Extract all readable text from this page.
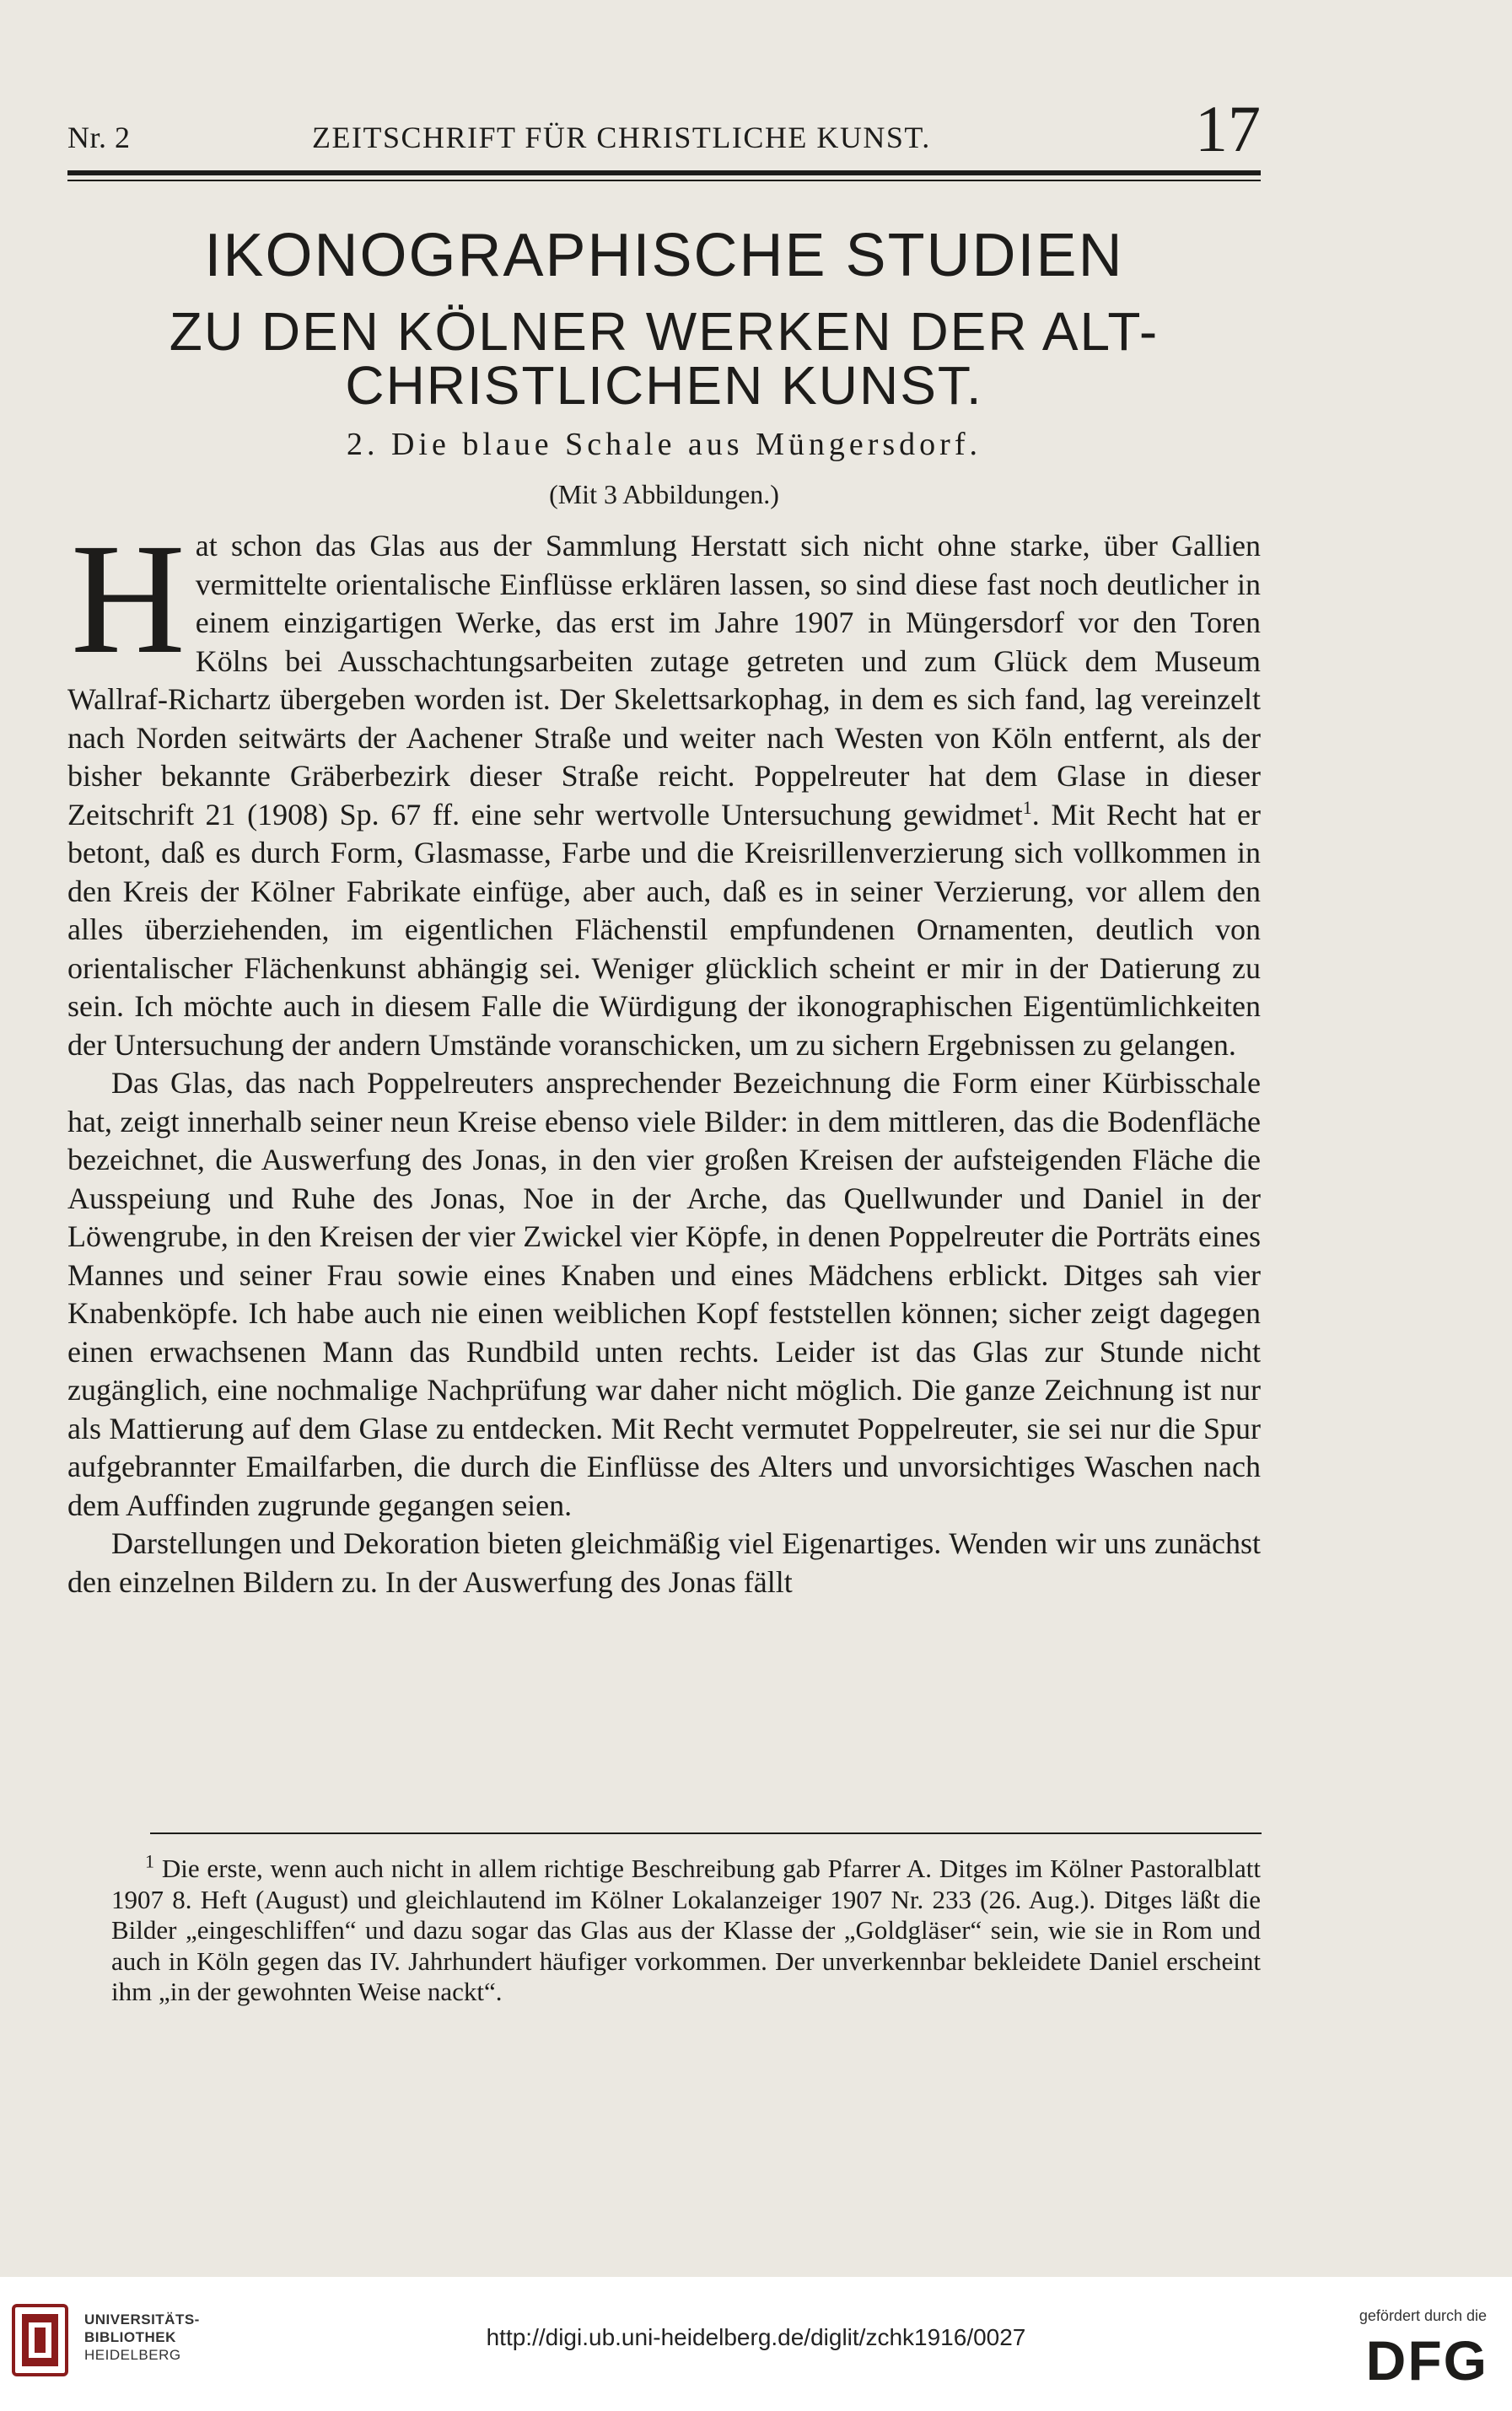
Nr. 2	ZEITSCHRIFT FÜR CHRISTLICHE KUNST.	17
IKONOGRAPHISCHE STUDIEN
ZU DEN KÖLNER WERKEN DER ALT-
CHRISTLICHEN KUNST.
2. Die blaue Schale aus Müngersdorf.
(Mit 3 Abbildungen.)

Hat schon das Glas aus der Sammlung Herstatt sich nicht ohne starke, über Gallien vermittelte orientalische Einflüsse erklären lassen, so sind diese fast noch deutlicher in einem einzigartigen Werke, das erst im Jahre 1907 in Müngersdorf vor den Toren Kölns bei Ausschachtungsarbeiten zutage getreten und zum Glück dem Museum Wallraf-Richartz übergeben worden ist. Der Skelettsarkophag, in dem es sich fand, lag vereinzelt nach Norden seitwärts der Aachener Straße und weiter nach Westen von Köln entfernt, als der bisher bekannte Gräberbezirk dieser Straße reicht. Poppelreuter hat dem Glase in dieser Zeitschrift 21 (1908) Sp. 67 ff. eine sehr wertvolle Untersuchung gewidmet$^1$. Mit Recht hat er betont, daß es durch Form, Glasmasse, Farbe und die Kreisrillenverzierung sich vollkommen in den Kreis der Kölner Fabrikate einfüge, aber auch, daß es in seiner Verzierung, vor allem den alles überziehenden, im eigentlichen Flächenstil empfundenen Ornamenten, deutlich von orientalischer Flächenkunst abhängig sei. Weniger glücklich scheint er mir in der Datierung zu sein. Ich möchte auch in diesem Falle die Würdigung der ikonographischen Eigentümlichkeiten der Untersuchung der andern Umstände voranschicken, um zu sichern Ergebnissen zu gelangen.

Das Glas, das nach Poppelreuters ansprechender Bezeichnung die Form einer Kürbisschale hat, zeigt innerhalb seiner neun Kreise ebenso viele Bilder: in dem mittleren, das die Bodenfläche bezeichnet, die Auswerfung des Jonas, in den vier großen Kreisen der aufsteigenden Fläche die Ausspeiung und Ruhe des Jonas, Noe in der Arche, das Quellwunder und Daniel in der Löwengrube, in den Kreisen der vier Zwickel vier Köpfe, in denen Poppelreuter die Porträts eines Mannes und seiner Frau sowie eines Knaben und eines Mädchens erblickt. Ditges sah vier Knabenköpfe. Ich habe auch nie einen weiblichen Kopf feststellen können; sicher zeigt dagegen einen erwachsenen Mann das Rundbild unten rechts. Leider ist das Glas zur Stunde nicht zugänglich, eine nochmalige Nachprüfung war daher nicht möglich. Die ganze Zeichnung ist nur als Mattierung auf dem Glase zu entdecken. Mit Recht vermutet Poppelreuter, sie sei nur die Spur aufgebrannter Emailfarben, die durch die Einflüsse des Alters und unvorsichtiges Waschen nach dem Auffinden zugrunde gegangen seien.

Darstellungen und Dekoration bieten gleichmäßig viel Eigenartiges. Wenden wir uns zunächst den einzelnen Bildern zu. In der Auswerfung des Jonas fällt

$^1$ Die erste, wenn auch nicht in allem richtige Beschreibung gab Pfarrer A. Ditges im Kölner Pastoralblatt 1907 8. Heft (August) und gleichlautend im Kölner Lokalanzeiger 1907 Nr. 233 (26. Aug.). Ditges läßt die Bilder „eingeschliffen“ und dazu sogar das Glas aus der Klasse der „Goldgläser“ sein, wie sie in Rom und auch in Köln gegen das IV. Jahrhundert häufiger vorkommen. Der unverkennbar bekleidete Daniel erscheint ihm „in der gewohnten Weise nackt“.

UNIVERSITÄTS-
BIBLIOTHEK
HEIDELBERG
http://digi.ub.uni-heidelberg.de/diglit/zchk1916/0027
gefördert durch die
DFG
